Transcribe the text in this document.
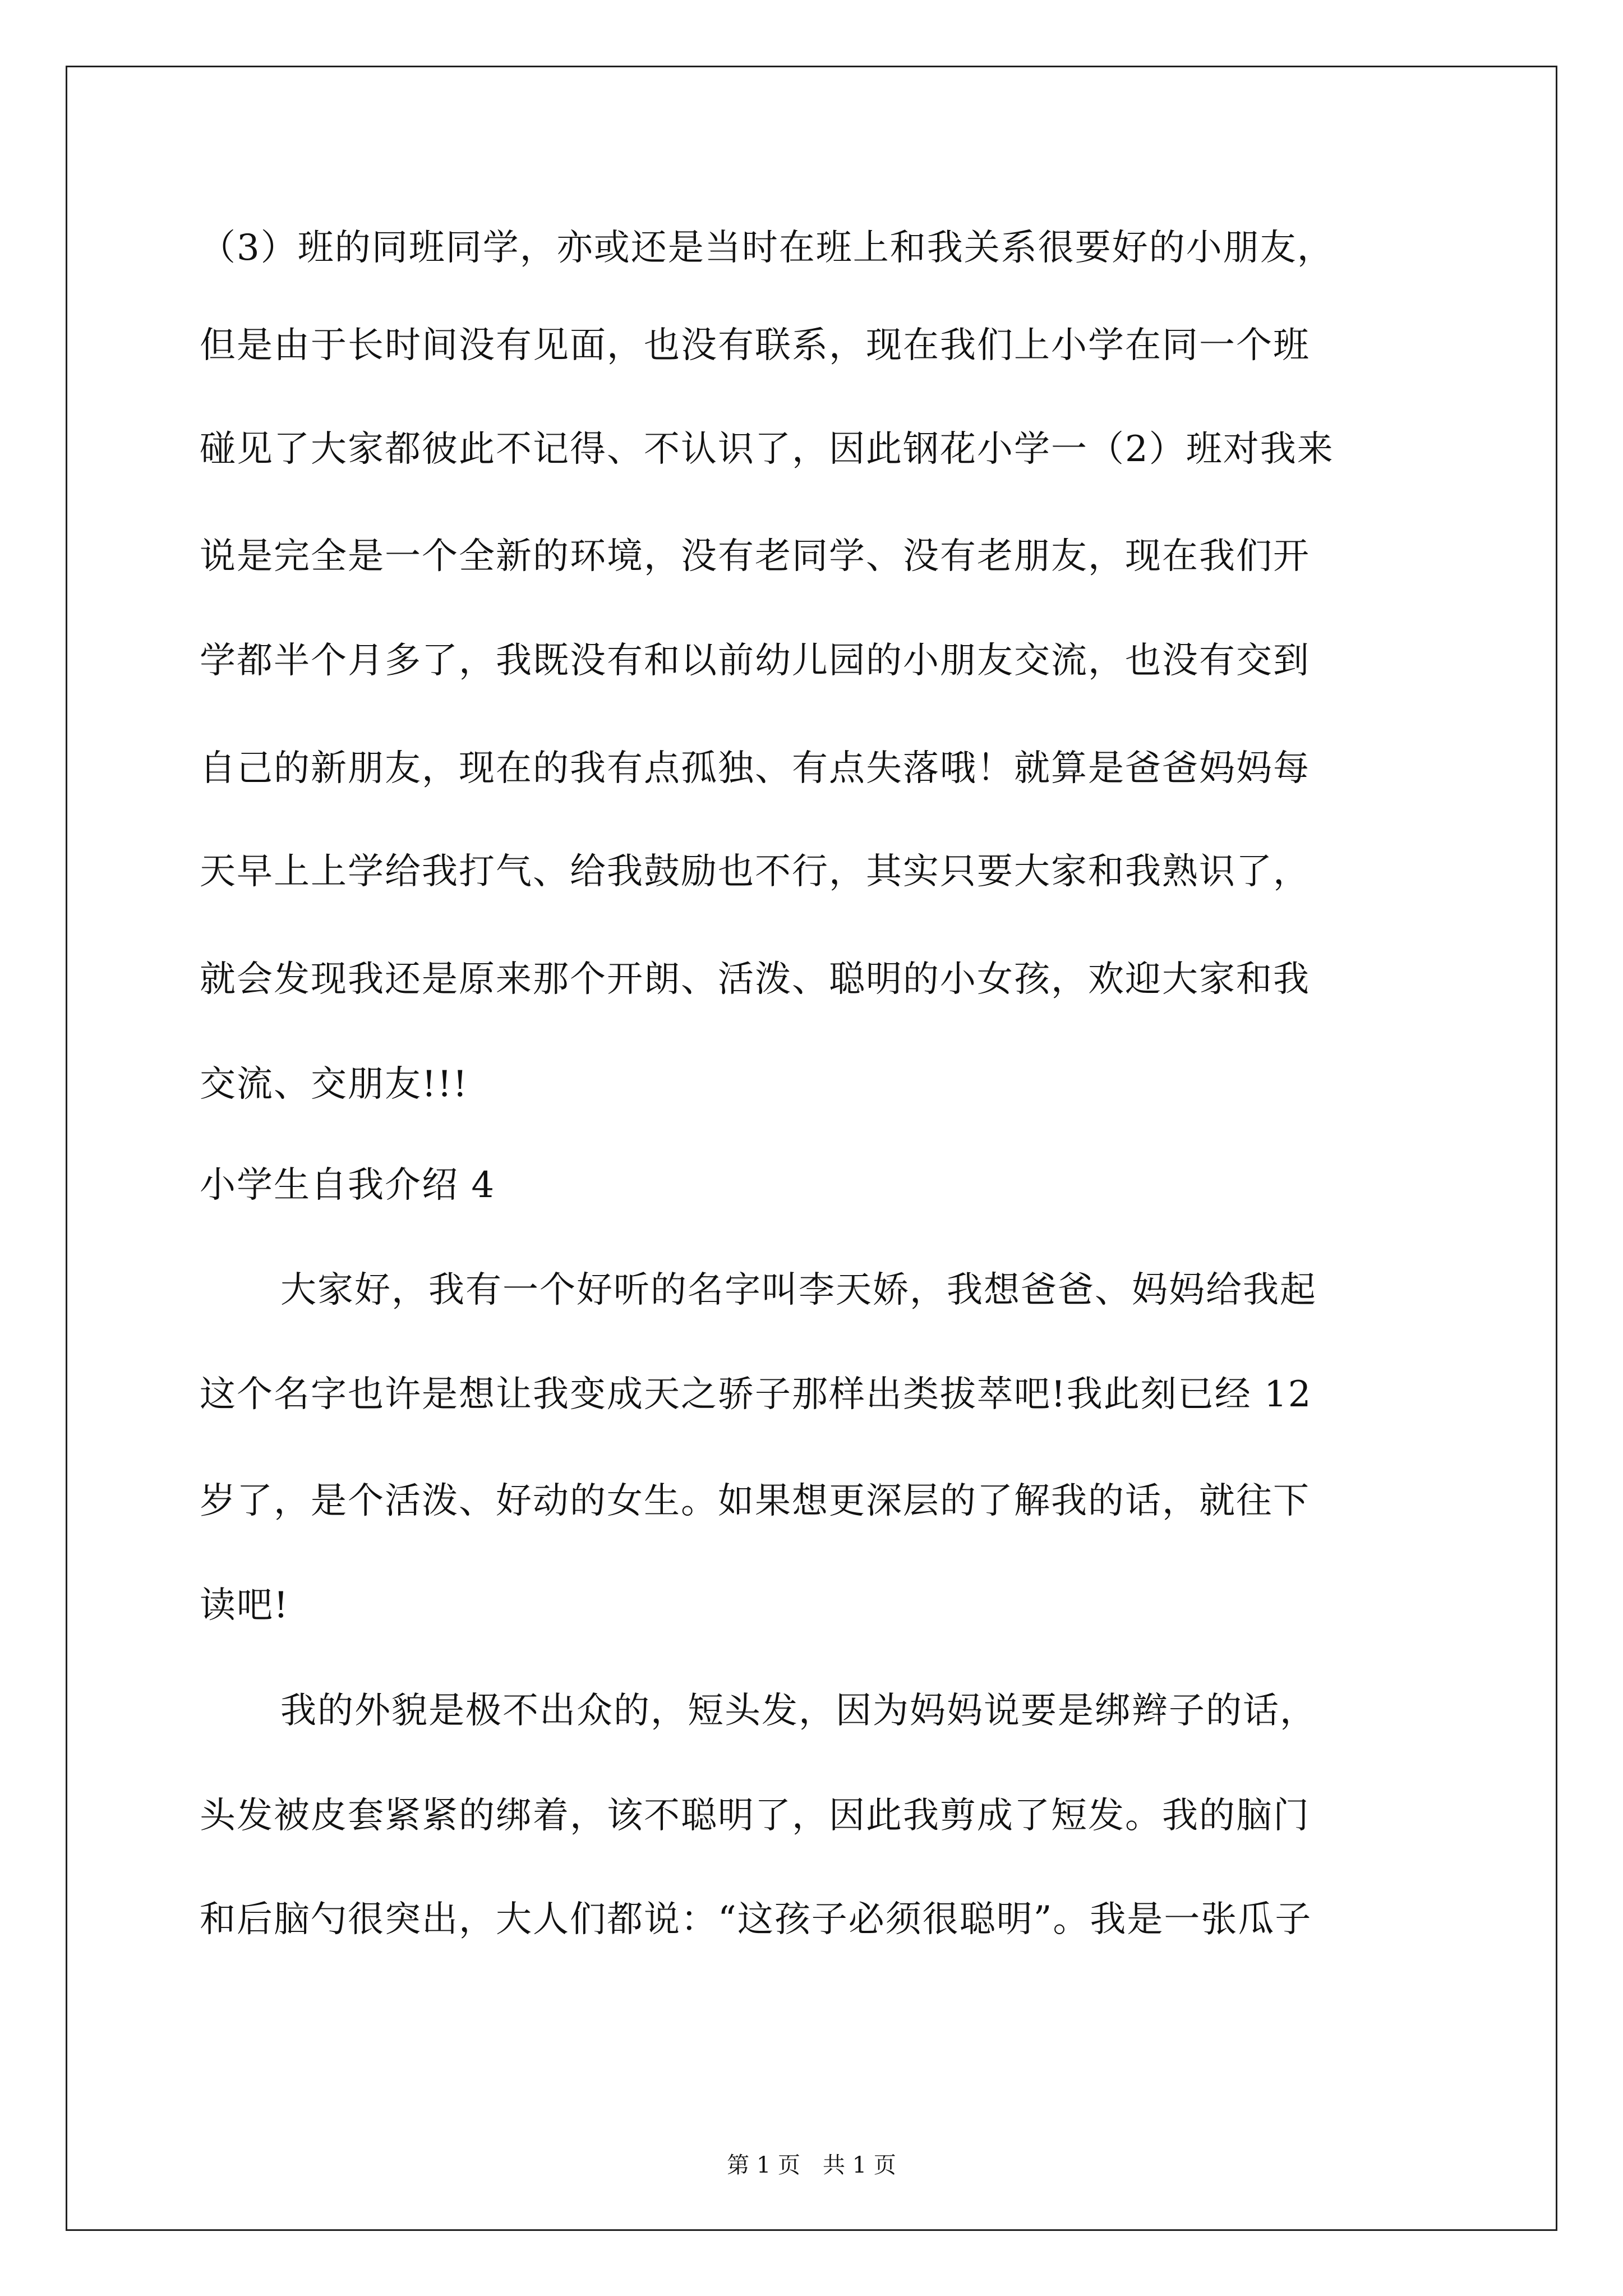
（3）班的同班同学，亦或还是当时在班上和我关系很要好的小朋友，
但是由于长时间没有见面，也没有联系，现在我们上小学在同一个班
碰见了大家都彼此不记得、不认识了，因此钢花小学一（2）班对我来
说是完全是一个全新的环境，没有老同学、没有老朋友，现在我们开
学都半个月多了，我既没有和以前幼儿园的小朋友交流，也没有交到
自己的新朋友，现在的我有点孤独、有点失落哦！就算是爸爸妈妈每
天早上上学给我打气、给我鼓励也不行，其实只要大家和我熟识了，
就会发现我还是原来那个开朗、活泼、聪明的小女孩，欢迎大家和我
交流、交朋友!!!
小学生自我介绍 4
大家好，我有一个好听的名字叫李天娇，我想爸爸、妈妈给我起
这个名字也许是想让我变成天之骄子那样出类拔萃吧!我此刻已经 12
岁了，是个活泼、好动的女生。如果想更深层的了解我的话，就往下
读吧!
我的外貌是极不出众的，短头发，因为妈妈说要是绑辫子的话，
头发被皮套紧紧的绑着，该不聪明了，因此我剪成了短发。我的脑门
和后脑勺很突出，大人们都说：“这孩子必须很聪明”。我是一张瓜子
第 1 页　共 1 页
